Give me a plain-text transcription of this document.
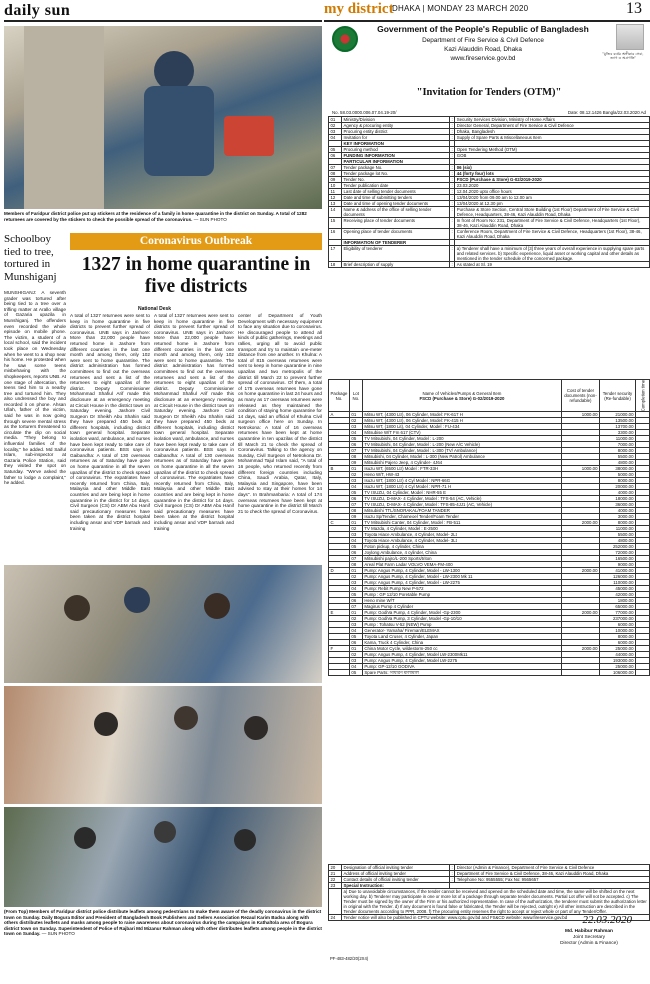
daily sun	my district
DHAKA | MONDAY 23 MARCH 2020	13
Members of Faridpur district police put up stickers at the residence of a family in home quarantine in the district on Sunday. A total of 1282 returnees are covered by the stickers to check the possible spread of the coronavirus. — SUN PHOTO
Schoolboy tied to tree, tortured in Munshiganj
MUNSHIGANJ: A seventh grader was tortured after being tied to a tree over a trifling matter at Arallo village of Gazaria upazila in Munshiganj. The offenders even recorded the whole episode on mobile phone. The victim, a student of a local school, said the incident took place on Wednesday when he went to a shop near his home. He protested when he saw some teens misbehaving with the shopkeepers, reports UNB. At one stage of altercation, the teens tied him to a nearby tree and tortured him. They also undressed the boy and recorded it on phone. Ahsan Ullah, father of the victim, said he was in now going through severe mental stress as the torturers threatened to circulate the clip on social media. "They belong to influential families of the locality," he added. Md Saiful Islam, sub-inspector at Gazaria Police Station, said they visited the spot on Saturday. "We've asked the father to lodge a complaint," he added.
Coronavirus Outbreak
1327 in home quarantine in five districts
National Desk
A total of 1327 returnees were sent to keep in home quarantine in five districts to prevent further spread of coronavirus. UNB says in Jashore: More than 22,000 people have returned home in Jashore from different countries in the last one month and among them, only 102 were sent to home quarantine. The district administration has formed committees to find out the overseas returnees and sent a list of the returnees to eight upazilas of the district. Deputy Commissioner Mohammad Shafiul Arif made this disclosure at an emergency meeting at Circuit House in the district town on Saturday evening. Jashore Civil Surgeon Dr Sheikh Abu Shahin said they have prepared 450 beds at different hospitals, including district town general hospital. Separate isolation ward, ambulance, and nurses have been kept ready to take care of coronavirus patients. BSS says in Gaibandha: A total of 130 overseas returnees as of Saturday have gone on home quarantine in all the seven upazilas of the district to check spread of coronavirus. The expatriates have recently returned from China, Italy, Malaysia and other Middle East countries and are being kept in home quarantine in the district for 14 days. Civil Surgeon (CS) Dr ABM Abu Hanif said precautionary measures have been taken at the district hospital including ansar and VDP barrack and training
A total of 1327 returnees were sent to keep in home quarantine in five districts to prevent further spread of coronavirus. UNB says in Jashore: More than 22,000 people have returned home in Jashore from different countries in the last one month and among them, only 102 were sent to home quarantine. The district administration has formed committees to find out the overseas returnees and sent a list of the returnees to eight upazilas of the district. Deputy Commissioner Mohammad Shafiul Arif made this disclosure at an emergency meeting at Circuit House in the district town on Saturday evening. Jashore Civil Surgeon Dr Sheikh Abu Shahin said they have prepared 450 beds at different hospitals, including district town general hospital. Separate isolation ward, ambulance, and nurses have been kept ready to take care of coronavirus patients. BSS says in Gaibandha: A total of 130 overseas returnees as of Saturday have gone on home quarantine in all the seven upazilas of the district to check spread of coronavirus. The expatriates have recently returned from China, Italy, Malaysia and other Middle East countries and are being kept in home quarantine in the district for 14 days. Civil Surgeon (CS) Dr ABM Abu Hanif said precautionary measures have been taken at the district hospital including ansar and VDP barrack and training
center of Department of Youth Development with necessary equipment to face any situation due to coronavirus. He discouraged people to attend all kinds of public gatherings, meetings and rallies, urging all to avoid public transport and try to maintain one-meter distance from one another. In Khulna: A total of 815 overseas returnees were sent to keep in home quarantine in nine upazilas and two metropolis of the district till March 22 to prevent further spread of coronavirus. Of them, a total of 175 overseas returnees have gone on home quarantine in last 24 hours and as many as 17 overseas returnees were released as they maintained the condition of staying home quarantine for 14 days, said an official of Khulna Civil surgeon office here on Sunday. In Netrokona: A total of 16 overseas returnees have been kept at home quarantine in ten upazilas of the district till March 21 to check the spread of Coronavirus. Talking to the agency on Sunday, Civil Surgeon of Netrokona Dr. Mohammad Tajul Islam said, "A total of 16 people, who returned recently from different foreign countries including China, Saudi Arabia, Qatar, Italy, Malaysia and Singapore, have been advised to stay at their homes for 14 days". In Brahmanbaria: A total of 174 overseas returnees have been kept at home quarantine in the district till March 21 to check the spread of Coronavirus.
(From Top) Members of Faridpur district police distribute leaflets among pedestrians to make them aware of the deadly coronavirus in the district town on Sunday. Daily Bogura Editor and President of Bangladesh Book Publishers and Sellers Association Rezaul Karim Badsa along with others distributes leaflets and masks among people to raise awareness about coronavirus during the campaigns in Kathaltola area of Bogura district town on Sunday. Superintendent of Police of Rajbari Md Mizanur Rahman along with other distributes leaflets among people in the district town on Sunday. — SUN PHOTO
"মুজিব বর্ষের অঙ্গীকার সেবা, ত্যাগ ও অগ্রগতি"
Government of the People's Republic of Bangladesh
Department of Fire Service & Civil Defence
Kazi Alauddin Road, Dhaka
www.fireservice.gov.bd
"Invitation for Tenders (OTM)"
No. 58.03.0000.006.07.04.19-20/	Date: 08.12.1426 Bangla/22.03.2020 Ad
01	Ministry/Division	:	Security Services Division, Ministry of Home Affairs
02	Agency & procuring entity	:	Director General, Department of Fire Service & Civil Defence
03	Procuring entity district	:	Dhaka, Bangladesh
04	Invitation for	:	Supply of Spare Parts & Miscellaneous Item
	KEY INFORMATION		
05	Procuring method	:	Open Tendering Method (OTM)
06	FUNDING INFORMATION	:	GOB
	PARTICULAR INFORMATION		
07	Tender package No.	:	06 (six)
08	Tender package lot No.	:	44 (forty four) lots
09	Tender No.	:	FSCD (Purchase & Store) G-02/2019-2020
10	Tender publication date	:	23.03.2020
11	Last date of selling tender documents	:	12.04.2020 upto office hours
12	Date and time of submitting tenders	:	13/04/2020 from 09.00 am to 12.00 am
13	Date and time of opening tender documents	:	13/04/2020 at 12.30 pm
14	Name & address of the office of selling tender documents	:	Purchase & Store Section, Central Store Building (1st Floor) Department of Fire Service & Civil Defence, Headquarters, 38-46, Kazi Alauddin Road, Dhaka
15	Receiving place of tender documents	:	In front of Room No: 231, Department of Fire Service & Civil Defence, Headquarters (1st Floor), 38-46, Kazi Alauddin Road, Dhaka
16	Opening place of tender documents	:	Conference Room, Department of Fire Service & Civil Defence, Headquarters (1st Floor), 38-46, Kazi Alauddin Road, Dhaka
	INFORMATION OF TENDERER		
17	Eligibility of tenderer	:	a) Tenderer shall have a minimum of [3] three years of overall experience in supplying spare parts and related services. b) Specific experience, liquid asset or working capital and other details as mentioned in the tender schedule of the concerned package.
18	Brief description of supply	:	As stated at Sl. 19
Package No.	Lot No.	Name of Vehicles/Pumps & General Item
FSCD (Purchase & Store) G-02/2019-2020	Cost of tender documents (non-refundable)	Tender security (Re-fundable)	Completion time
A	01	Mitsu WT, (4300 Ltr), 06 Cylinder, Model: FK-617 H	1000.00	21000.00	
	02	Mitsu WT, (4300 Ltr), 06 Cylinder, Model: FK-415 H		13500.00	
	03	Mitsu WT, (1800 Lit), 04 Cylinder, Model : FU-434		13700.00	
	04	Mitsubise W/T Fm 617 (CTV)		3300.00	
	05	TV Mitsubishi, 04 Cylinder, Model : L-200		11000.00	
	06	TV Mitsubishi, 04 Cylinder, Model : L-200 (New A/C Vehicle)		7000.00	
	07	TV Mitsubishi, 04 Cylinder, Model : L-300 (TV/ Ambulance)		8000.00	
	08	Mitsubishi, 04 Cylinder, Model : L-300 (New Patrol) Ambulance		5500.00	
	09	Mitsubishi Pajero Jeep, 4 Cylinder- 4J64		4800.00	
B	01	Isuzu WT, (6500 Ltr) Model : FTR-33H	1000.00	38000.00	
	02	Heno W/T, HW-43		5000.00	
	03	Isuzu WT, (1800 Ltr) 4 Cyl Model : NPR-66G		8000.00	
	04	Isuzu WT, (1800 Ltr) 4 Cyl Model : NPR-71 H		20000.00	
	05	TV ISUZU, 04 Cylinder, Model : NHR-55 E		4000.00	
	06	TV ISUZU, D-MAX- 4 Cylinder, Model : TFS-54 (AC, Vehicle)		18000.00	
	07	TV ISUZU, D-MAX- 4 Cylinder, Model : TFS-85-4JJ1 (AC, Vehicle)		36000.00	
	08	Mitsubishi TTL/SNORAKAL/FOAM TANDER		4000.00	
	09	Isuzu Sp/Tender, Chameoel Tender/Foam Tender		3000.00	
C	01	TV Mitsubishi Canter, 04 Cylinder, Model : FB-511	2000.00	8000.00	
	02	TV Mazda, 4 Cylinder, Model : E-2500		11000.00	
	03	Toyota Hiace Ambulance, 4 Cylinder, Model- 2Lt		5500.00	
	04	Toyota Hiace Ambulance, 4 Cylinder, Model- 3Lt		4800.00	
	05	Foton pickup, 4 cylinder, China		252000.00	
	06	Joylong Ambulance, 4 cylinder, China		72000.00	
	07	Mitsubishi pajro/L-200 Sports/triton		16500.00	
	08	Areal Plat Farm Ladar VOLVO VEMA-FM-400		9000.00	
D	01	Pump: Angus Pump, 4 Cylinder, Model - LW-1300	2000.00	41000.00	
	02	Pump: Angus Pump, 4 Cylinder, Model - LW-2300 Mk 11		126000.00	
	03	Pump: Angus Pump, 4 Cylinder, Model - LW-2275		110000.00	
	04	Pump: Rebit Pump New P-572		45000.00	
	05	Pump : GP 12/10 Poretable Pump		42000.00	
	06	Heno mine W/T		1800.00	
	07	Magirus Pump 4 Cylinder		65000.00	
E	01	Pump: GodiVa Pump, 4 Cylinder, Model -Gp-2300	2000.00	77000.00	
	02	Pump: GodiVa Pump, 3 Cylinder, Model -Gp-10/10		237000.00	
	03	Pump : Tohatsu V-52 (NEW) Pump		6000.00	
	04	Generator- Yamaha/ Fireman/ELEMAX		10000.00	
	05	Toyota Land Cruser, 4 Cylinder, Japan		8000.00	
	06	Kama, Truck 4 Cylinder, China		6000.00	
F	01	China Motor Cycle, wildestorm-250 cc	2000.00	25000.00	
	02	Pump: Angus Pump, 4 Cylinder, Model LW-2300Mk11		44000.00	
	03	Pump: Angus Pump, 4 Cylinder, Model LW-2275		193000.00	
	04	Pump: GP-12/10 GODIVA		25000.00	
	05	Spare Parts: সাধারণ মালামাল		106000.00	
20	Designation of official inviting tender	:	Director (Admin & Finance), Department of Fire Service & Civil Defence
21	Address of official inviting tender	:	Department of Fire Service & Civil Defence, 38-46, Kazi Alauddin Road, Dhaka
22	Contact details of official inviting tender	:	Telephone No: 9555555; Fax No: 9565657
23	Special Instruction:		
	a) Due to unavoidable circumstances, if the tender cannot be received and opened on the scheduled date and time, the same will be shifted on the next working day. b) Tenderer may participate in one or more lot of a package through separate tender documents. Partial Lot offer will not be accepted. c) The Tender must be signed by the owner of the Firm or his authorized representative. In case of the authorization, the tenderer must submit the authorization letter in original with the Tender. d) If any document is found false or fabricated, the Tender will be rejected, outright e) All other instruction are described in the Tender documents according to PPR, 2008. f) The procuring entity reserves the right to accept or reject whole or part of any Tender/Offer.		
24	Tender notice will also be published in CPTU website: www.cptu.gov.bd and FS&CD website: www.fireservice.gov.bd		22.03.2020
Md. Habibur Rahman
Joint Secretary
Director (Admin & Finance)
PF-483-482/20(2X4)
